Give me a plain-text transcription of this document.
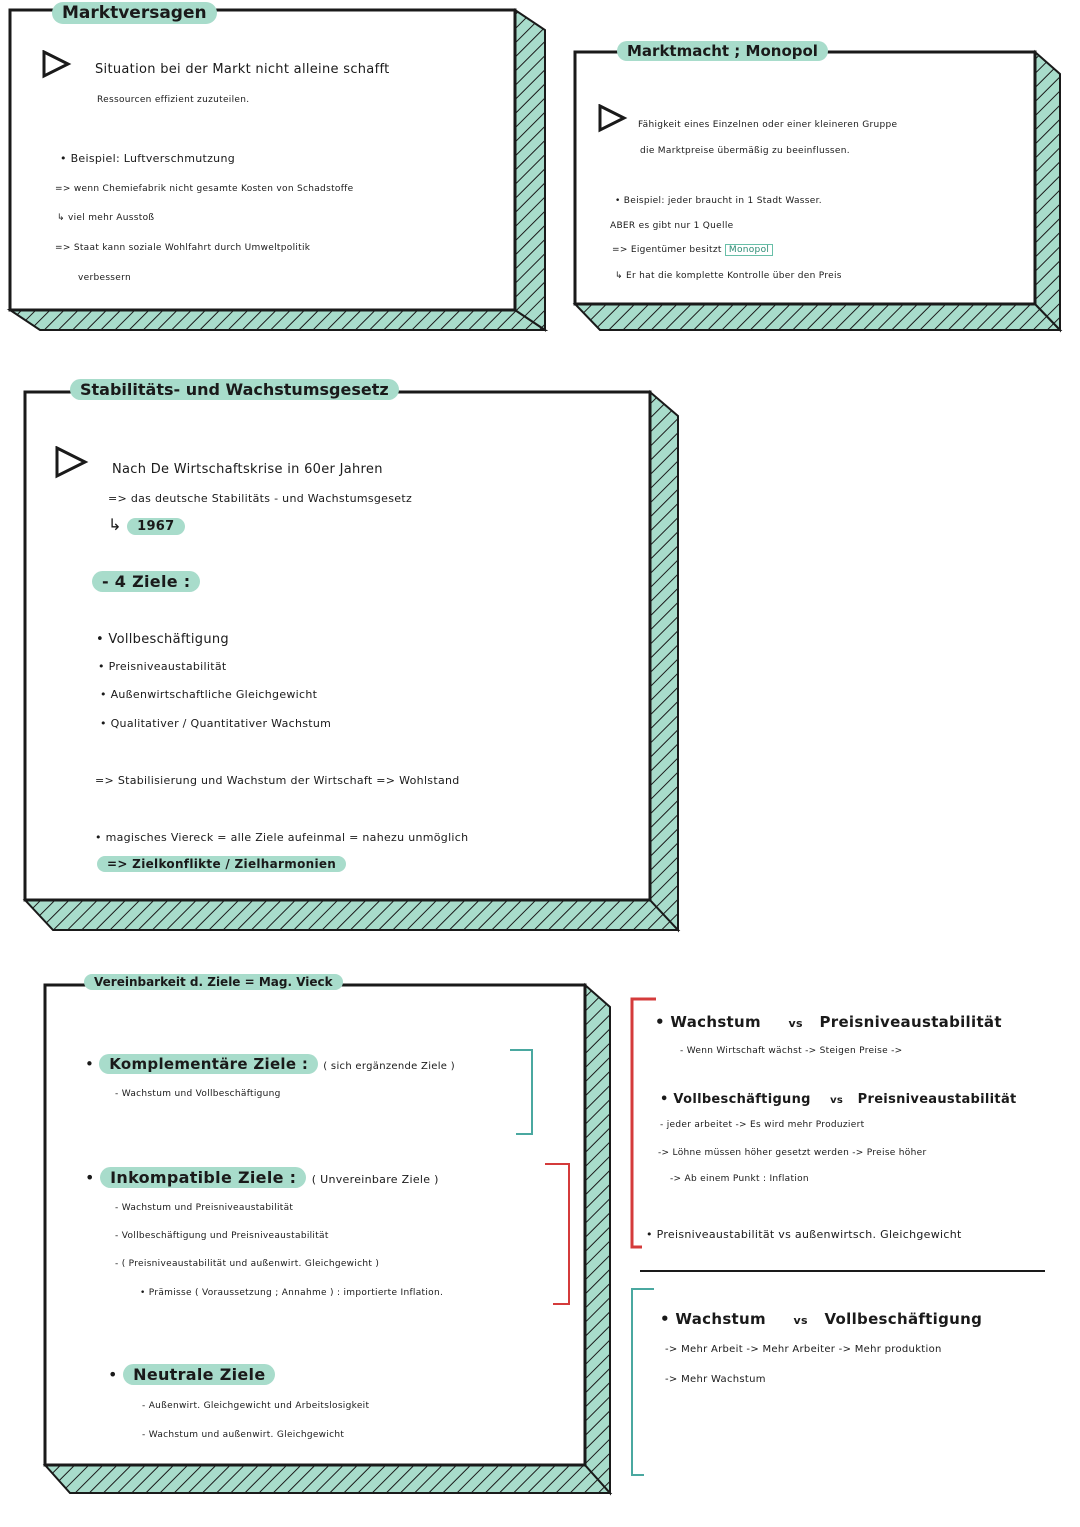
Marktversagen
Situation bei der Markt nicht alleine schafft
Ressourcen effizient zuzuteilen.
• Beispiel: Luftverschmutzung
=> wenn Chemiefabrik nicht gesamte Kosten von Schadstoffe
↳ viel mehr Ausstoß
=> Staat kann soziale Wohlfahrt durch Umweltpolitik
verbessern
Marktmacht ; Monopol
Fähigkeit eines Einzelnen oder einer kleineren Gruppe
die Marktpreise übermäßig zu beeinflussen.
• Beispiel: jeder braucht in 1 Stadt Wasser.
ABER es gibt nur 1 Quelle
=> Eigentümer besitzt Monopol
↳ Er hat die komplette Kontrolle über den Preis
Stabilitäts- und Wachstumsgesetz
Nach De Wirtschaftskrise in 60er Jahren
=> das deutsche Stabilitäts - und Wachstumsgesetz
↳ 1967
- 4 Ziele :
• Vollbeschäftigung
• Preisniveaustabilität
• Außenwirtschaftliche Gleichgewicht
• Qualitativer / Quantitativer Wachstum
=> Stabilisierung und Wachstum der Wirtschaft => Wohlstand
• magisches Viereck = alle Ziele aufeinmal = nahezu unmöglich
=> Zielkonflikte / Zielharmonien
Vereinbarkeit d. Ziele = Mag. Vieck
• Komplementäre Ziele : ( sich ergänzende Ziele )
- Wachstum und Vollbeschäftigung
• Inkompatible Ziele : ( Unvereinbare Ziele )
- Wachstum und Preisniveaustabilität
- Vollbeschäftigung und Preisniveaustabilität
- ( Preisniveaustabilität und außenwirt. Gleichgewicht )
• Prämisse ( Voraussetzung ; Annahme ) : importierte Inflation.
• Neutrale Ziele
- Außenwirt. Gleichgewicht und Arbeitslosigkeit
- Wachstum und außenwirt. Gleichgewicht
• Wachstum	vs Preisniveaustabilität
- Wenn Wirtschaft wächst -> Steigen Preise ->
• Vollbeschäftigung vs Preisniveaustabilität
- jeder arbeitet -> Es wird mehr Produziert
-> Löhne müssen höher gesetzt werden -> Preise höher
-> Ab einem Punkt : Inflation
• Preisniveaustabilität vs außenwirtsch. Gleichgewicht
• Wachstum	vs Vollbeschäftigung
-> Mehr Arbeit -> Mehr Arbeiter -> Mehr produktion
-> Mehr Wachstum
